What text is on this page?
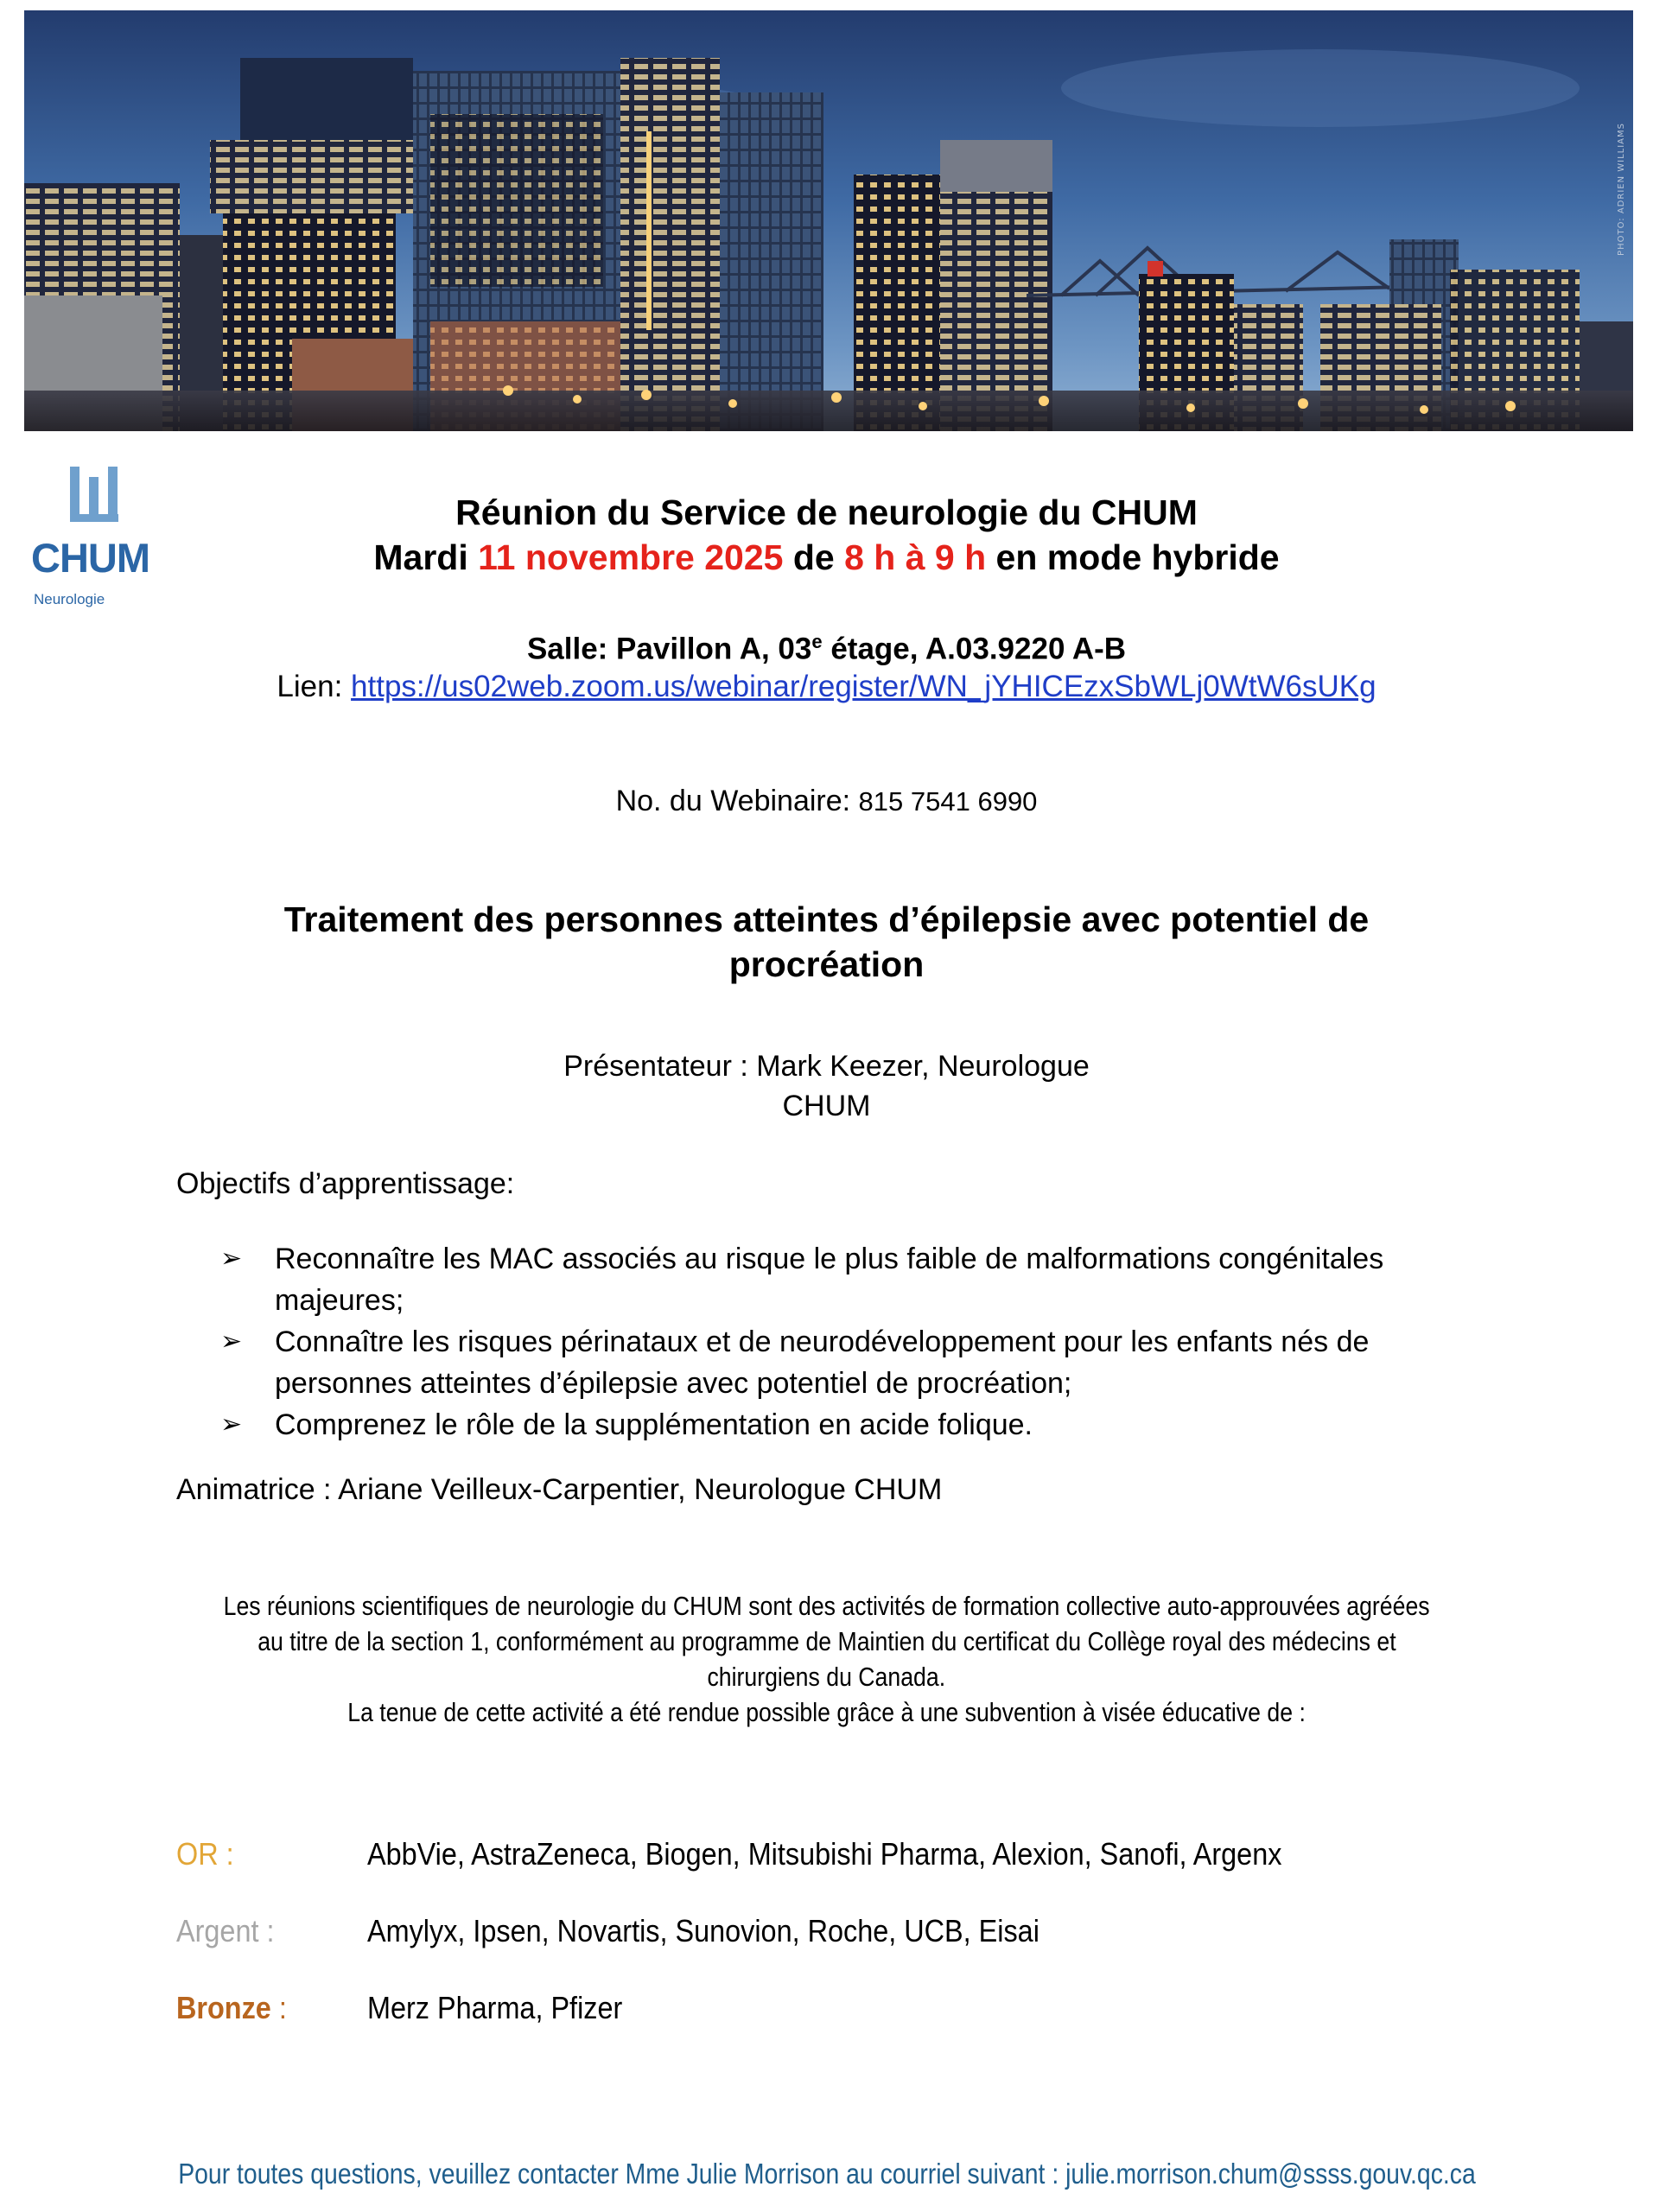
PHOTO: ADRIEN WILLIAMS
CHUM
Neurologie
Réunion du Service de neurologie du CHUM
Mardi 11 novembre 2025 de 8 h à 9 h en mode hybride
Salle: Pavillon A, 03e étage, A.03.9220 A-B
Lien: https://us02web.zoom.us/webinar/register/WN_jYHICEzxSbWLj0WtW6sUKg
No. du Webinaire: 815 7541 6990
Traitement des personnes atteintes d’épilepsie avec potentiel de
procréation
Présentateur : Mark Keezer, Neurologue
CHUM
Objectifs d’apprentissage:
➢ Reconnaître les MAC associés au risque le plus faible de malformations congénitales majeures;
➢ Connaître les risques périnataux et de neurodéveloppement pour les enfants nés de personnes atteintes d’épilepsie avec potentiel de procréation;
➢ Comprenez le rôle de la supplémentation en acide folique.
Animatrice : Ariane Veilleux-Carpentier, Neurologue CHUM
Les réunions scientifiques de neurologie du CHUM sont des activités de formation collective auto-approuvées agréées
au titre de la section 1, conformément au programme de Maintien du certificat du Collège royal des médecins et
chirurgiens du Canada.
La tenue de cette activité a été rendue possible grâce à une subvention à visée éducative de :
OR :	AbbVie, AstraZeneca, Biogen, Mitsubishi Pharma, Alexion, Sanofi, Argenx
Argent :	Amylyx, Ipsen, Novartis, Sunovion, Roche, UCB, Eisai
Bronze :	Merz Pharma, Pfizer
Pour toutes questions, veuillez contacter Mme Julie Morrison au courriel suivant : julie.morrison.chum@ssss.gouv.qc.ca
